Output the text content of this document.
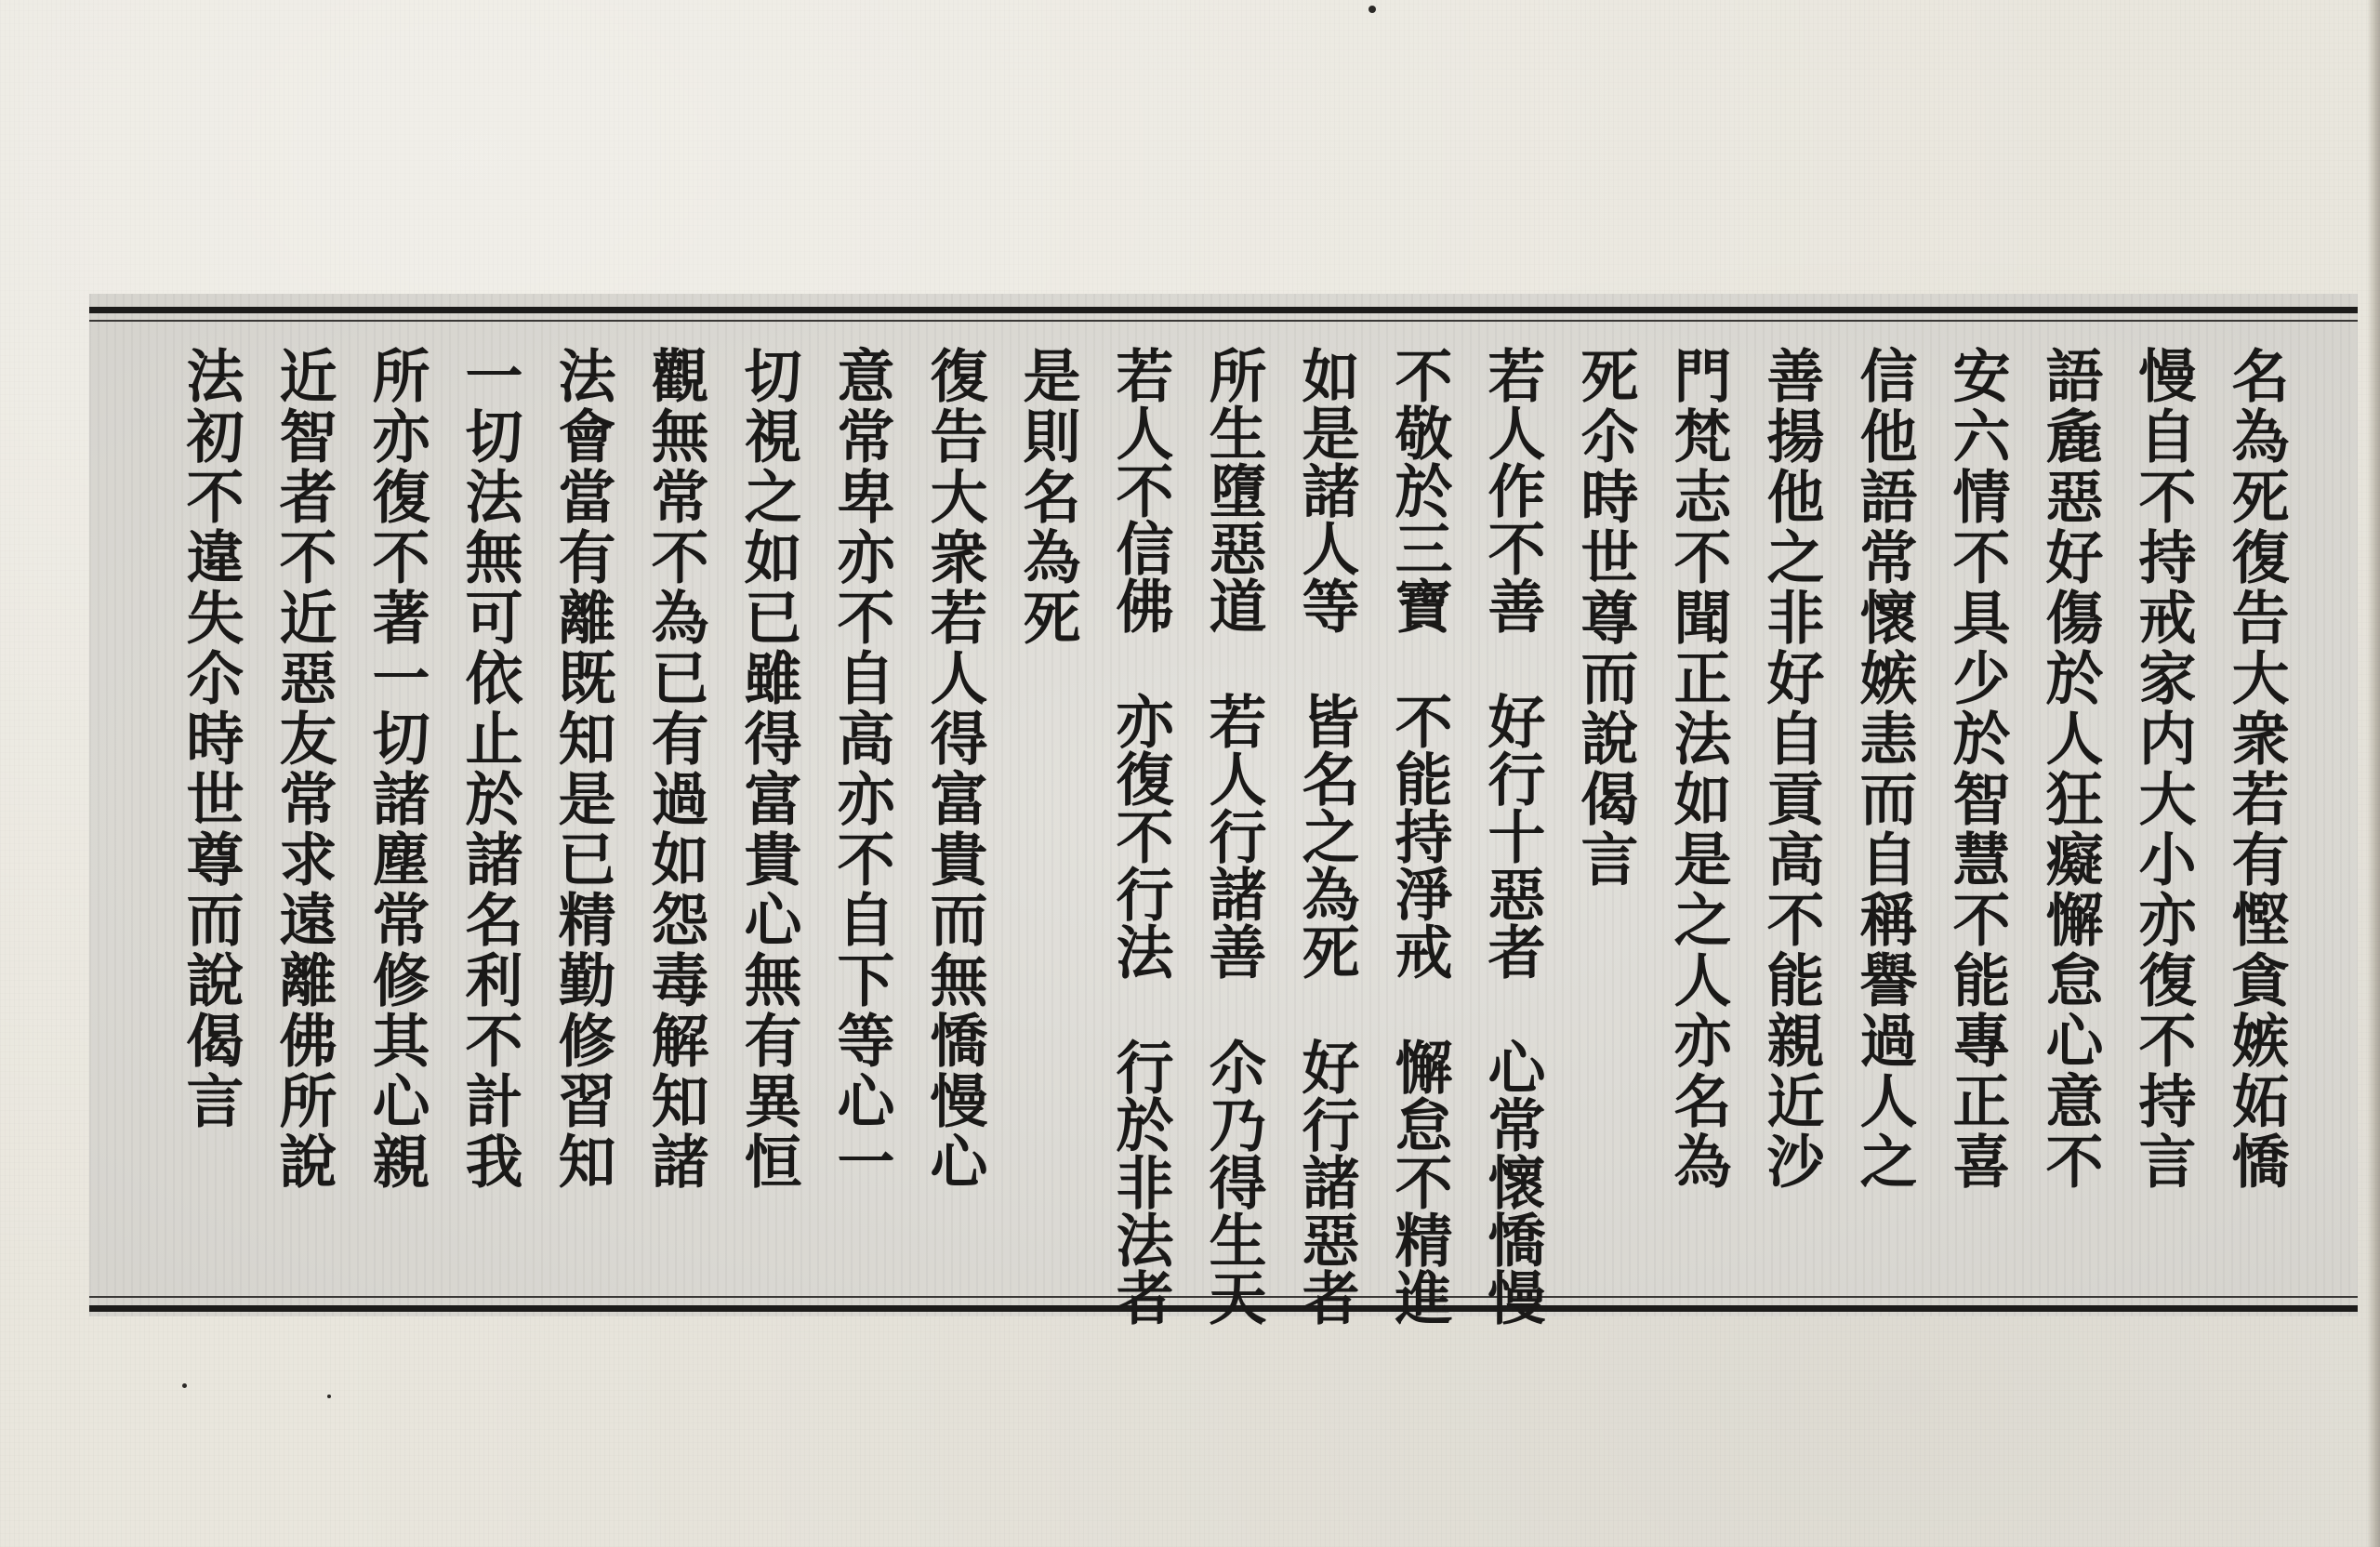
名為死復告大衆若有慳貪嫉妬憍
慢自不持戒家内大小亦復不持言
語麁惡好傷於人狂癡懈怠心意不
安六情不具少於智慧不能專正喜
信他語常懷嫉恚而自稱譽過人之
善揚他之非好自貢高不能親近沙
門梵志不聞正法如是之人亦名為
死尒時世尊而說偈言
若人作不善　好行十惡者　心常懷憍慢
不敬於三寶　不能持淨戒　懈怠不精進
如是諸人等　皆名之為死　好行諸惡者
所生墮惡道　若人行諸善　尒乃得生天
若人不信佛　亦復不行法　行於非法者
是則名為死
復告大衆若人得富貴而無憍慢心
意常卑亦不自高亦不自下等心一
切視之如已雖得富貴心無有異恒
觀無常不為已有過如怨毒解知諸
法會當有離既知是已精勤修習知
一切法無可依止於諸名利不計我
所亦復不著一切諸塵常修其心親
近智者不近惡友常求遠離佛所說
法初不違失尒時世尊而說偈言
